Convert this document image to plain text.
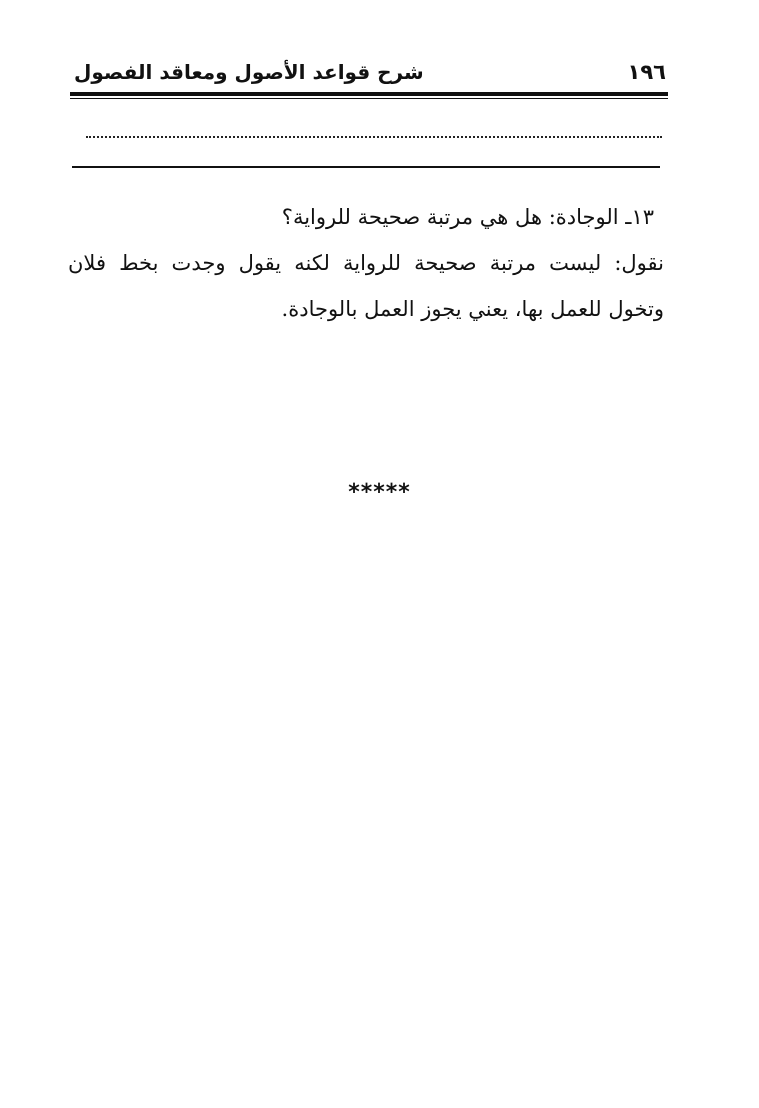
١٩٦
شرح قواعد الأصول ومعاقد الفصول

١٣ـ الوجادة: هل هي مرتبة صحيحة للرواية؟

نقول: ليست مرتبة صحيحة للرواية لكنه يقول وجدت بخط فلان وتخول للعمل بها، يعني يجوز العمل بالوجادة.

*****
